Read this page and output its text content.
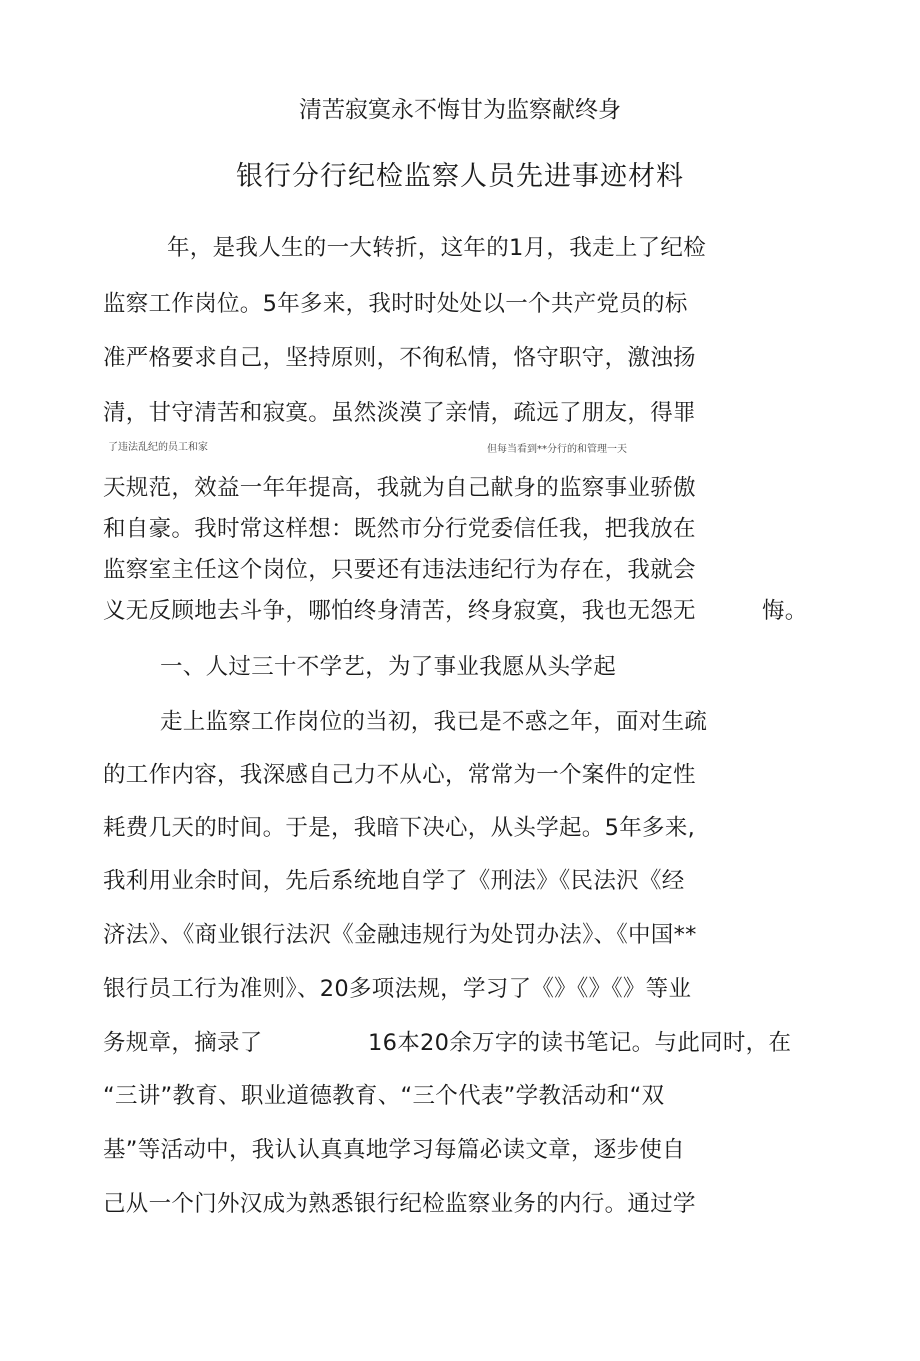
清苦寂寞永不悔甘为监察献终身
银行分行纪检监察人员先进事迹材料
年，是我人生的一大转折，这年的1月，我走上了纪检
监察工作岗位。5年多来，我时时处处以一个共产党员的标
准严格要求自己，坚持原则，不徇私情，恪守职守，激浊扬
清，甘守清苦和寂寞。虽然淡漠了亲情，疏远了朋友，得罪
了违法乱纪的员工和家	但每当看到**分行的和管理一天
天规范，效益一年年提高，我就为自己献身的监察事业骄傲
和自豪。我时常这样想：既然市分行党委信任我，把我放在
监察室主任这个岗位，只要还有违法违纪行为存在，我就会
义无反顾地去斗争，哪怕终身清苦，终身寂寞，我也无怨无	悔。
一、人过三十不学艺，为了事业我愿从头学起
走上监察工作岗位的当初，我已是不惑之年，面对生疏
的工作内容，我深感自己力不从心，常常为一个案件的定性
耗费几天的时间。于是，我暗下决心，从头学起。5年多来,
我利用业余时间，先后系统地自学了《刑法》《民法沢《经
济法》、《商业银行法沢《金融违规行为处罚办法》、《中国**
银行员工行为准则》、20多项法规，学习了《》《》《》等业
务规章，摘录了	16本20余万字的读书笔记。与此同时，在
“三讲”教育、职业道德教育、“三个代表”学教活动和“双
基”等活动中，我认认真真地学习每篇必读文章，逐步使自
己从一个门外汉成为熟悉银行纪检监察业务的内行。通过学
